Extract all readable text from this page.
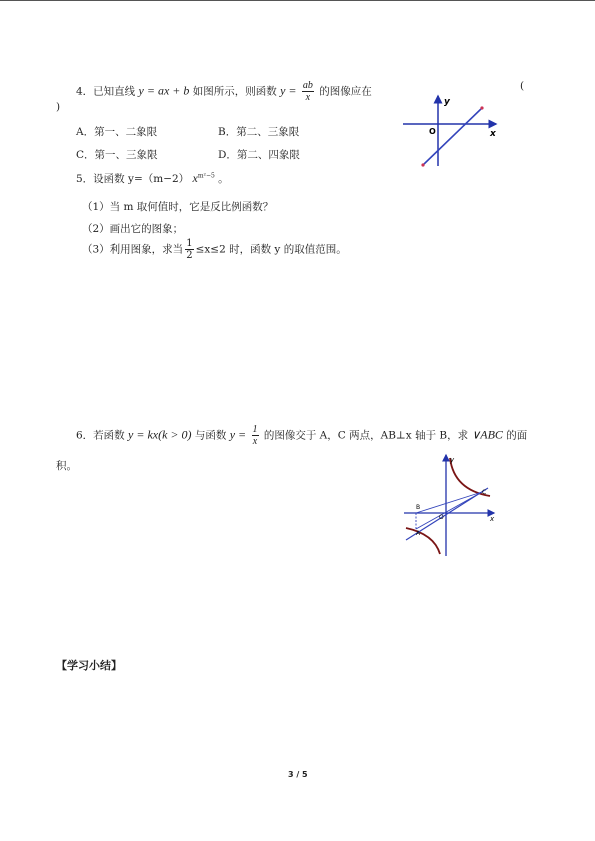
4．已知直线 y = ax + b 如图所示，则函数 $y = \frac{ab}{x}$ 的图像应在	(
)
A．第一、二象限	B．第二、三象限
C．第一、三象限	D．第二、四象限
y
x
O
5．设函数 y=（m−2） $x^{m^2-5}$ 。
（1）当 m 取何值时，它是反比例函数？
（2）画出它的图象；
（3）利用图象，求当 $\frac{1}{2} \le x\le 2$ 时，函数 y 的取值范围。
6．若函数 y = kx(k > 0) 与函数 $y = \frac{1}{x}$ 的图像交于 A，C 两点，AB⊥x 轴于 B，求 ∨ABC 的面
积。	y
x
O
A
B
C
【学习小结】
3 / 5
